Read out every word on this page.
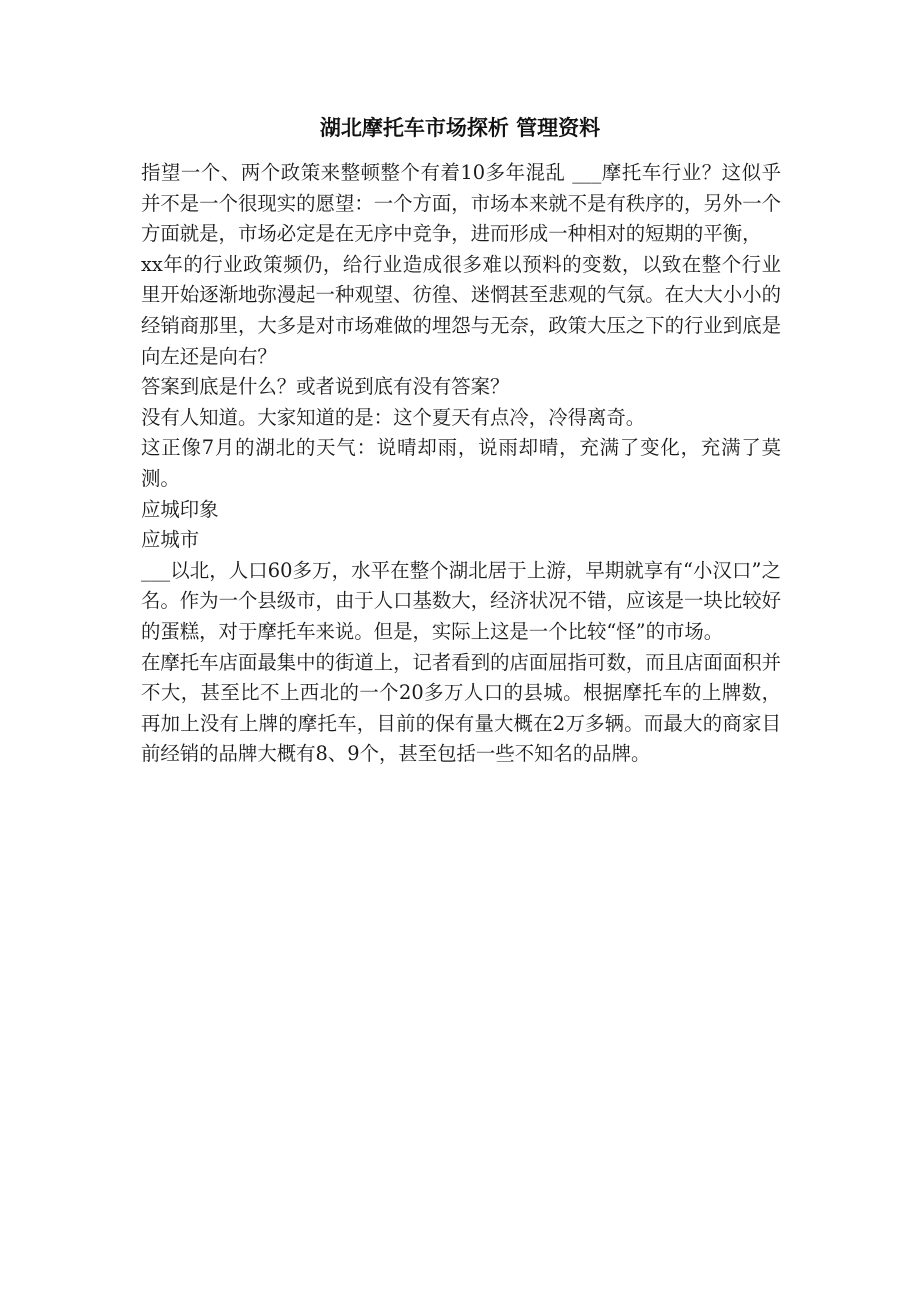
湖北摩托车市场探析 管理资料

指望一个、两个政策来整顿整个有着10多年混乱 ___摩托车行业？这似乎并不是一个很现实的愿望：一个方面，市场本来就不是有秩序的，另外一个方面就是，市场必定是在无序中竞争，进而形成一种相对的短期的平衡，

xx年的行业政策频仍，给行业造成很多难以预料的变数，以致在整个行业里开始逐渐地弥漫起一种观望、彷徨、迷惘甚至悲观的气氛。在大大小小的经销商那里，大多是对市场难做的埋怨与无奈，政策大压之下的行业到底是向左还是向右？

答案到底是什么？或者说到底有没有答案？

没有人知道。大家知道的是：这个夏天有点冷，冷得离奇。

这正像7月的湖北的天气：说晴却雨，说雨却晴，充满了变化，充满了莫测。

应城印象

应城市

___以北，人口60多万，水平在整个湖北居于上游，早期就享有“小汉口”之名。作为一个县级市，由于人口基数大，经济状况不错，应该是一块比较好的蛋糕，对于摩托车来说。但是，实际上这是一个比较“怪”的市场。

在摩托车店面最集中的街道上，记者看到的店面屈指可数，而且店面面积并不大，甚至比不上西北的一个20多万人口的县城。根据摩托车的上牌数，再加上没有上牌的摩托车，目前的保有量大概在2万多辆。而最大的商家目前经销的品牌大概有8、9个，甚至包括一些不知名的品牌。
